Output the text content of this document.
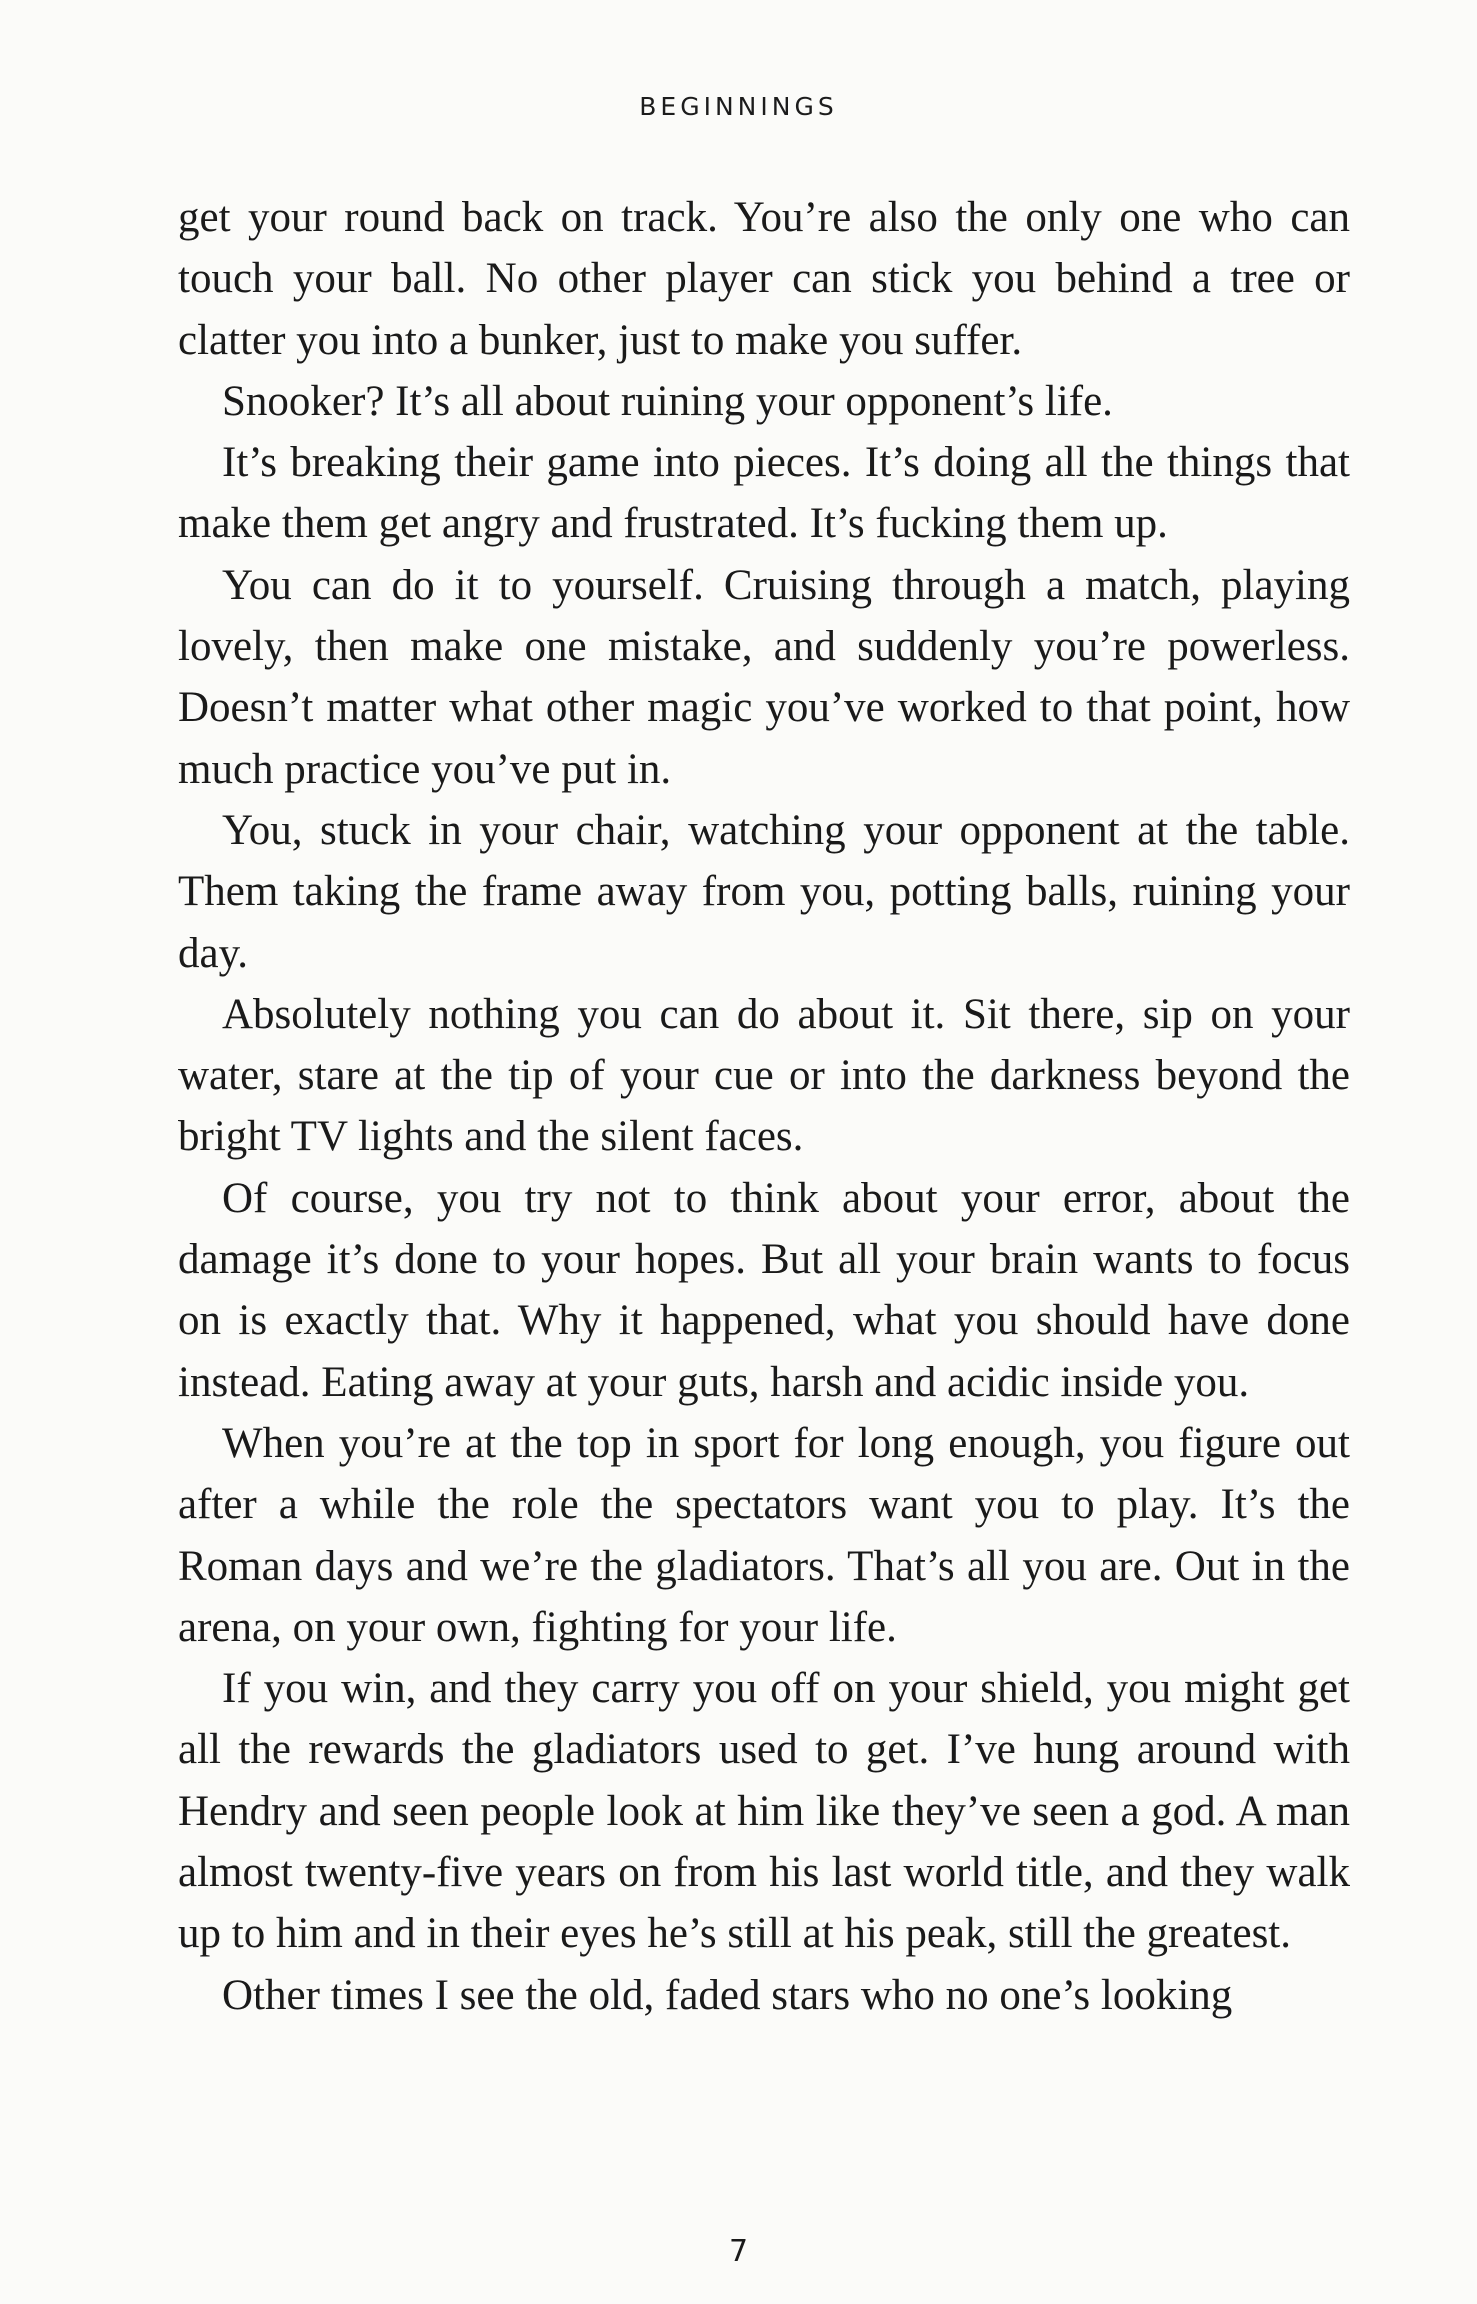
BEGINNINGS

get your round back on track. You’re also the only one who can touch your ball. No other player can stick you behind a tree or clatter you into a bunker, just to make you suffer.

Snooker? It’s all about ruining your opponent’s life.

It’s breaking their game into pieces. It’s doing all the things that make them get angry and frustrated. It’s fucking them up.

You can do it to yourself. Cruising through a match, playing lovely, then make one mistake, and suddenly you’re powerless. Doesn’t matter what other magic you’ve worked to that point, how much practice you’ve put in.

You, stuck in your chair, watching your opponent at the table. Them taking the frame away from you, potting balls, ruining your day.

Absolutely nothing you can do about it. Sit there, sip on your water, stare at the tip of your cue or into the darkness beyond the bright TV lights and the silent faces.

Of course, you try not to think about your error, about the damage it’s done to your hopes. But all your brain wants to focus on is exactly that. Why it happened, what you should have done instead. Eating away at your guts, harsh and acidic inside you.

When you’re at the top in sport for long enough, you figure out after a while the role the spectators want you to play. It’s the Roman days and we’re the gladiators. That’s all you are. Out in the arena, on your own, fighting for your life.

If you win, and they carry you off on your shield, you might get all the rewards the gladiators used to get. I’ve hung around with Hendry and seen people look at him like they’ve seen a god. A man almost twenty-five years on from his last world title, and they walk up to him and in their eyes he’s still at his peak, still the greatest.

Other times I see the old, faded stars who no one’s looking

7
